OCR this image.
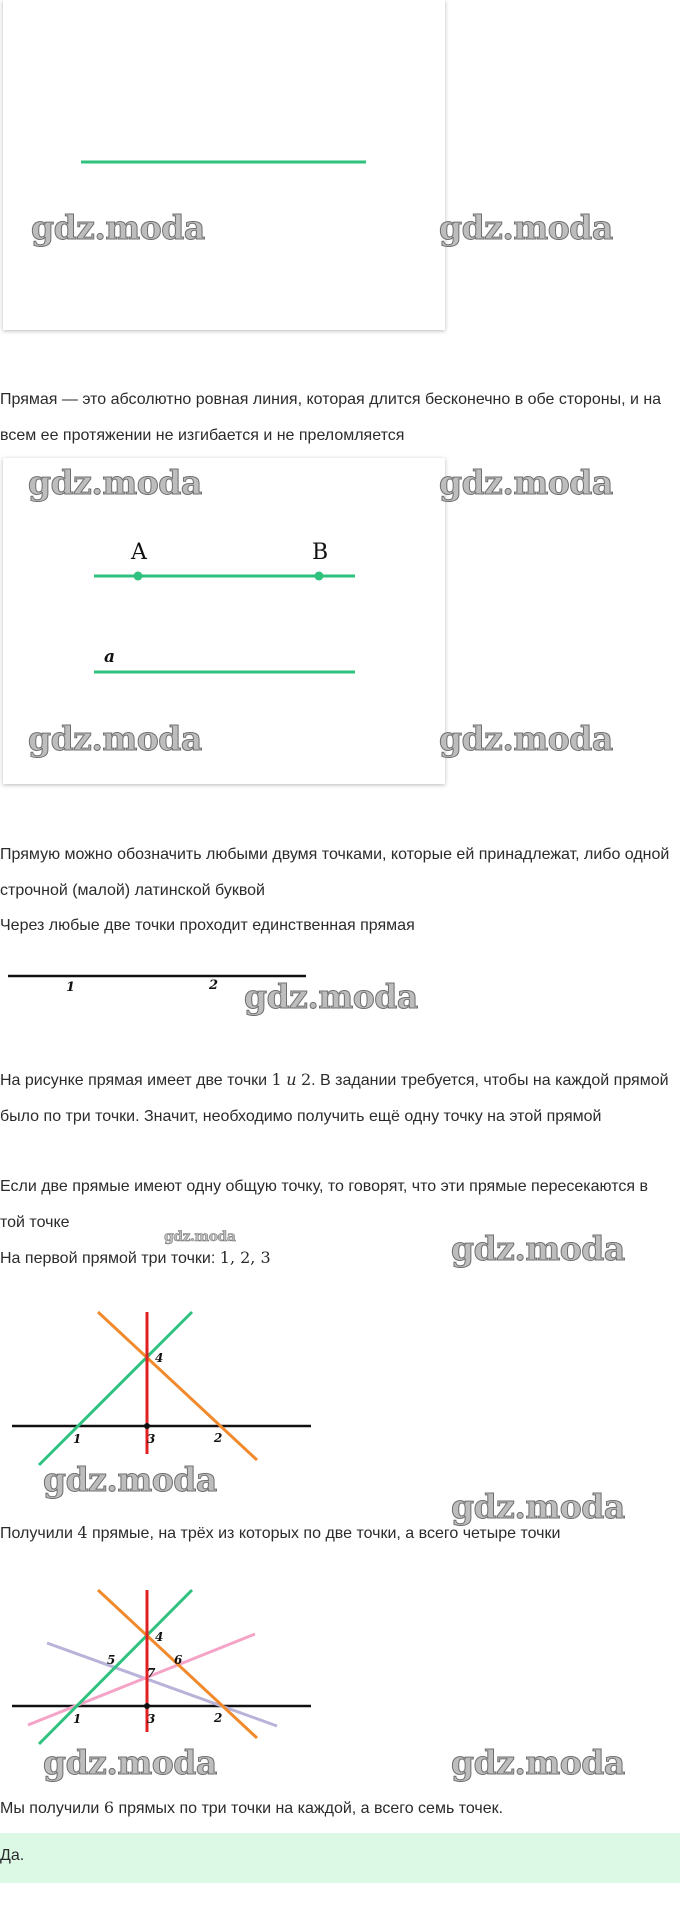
gdz.moda	gdz.moda

Прямая — это абсолютно ровная линия, которая длится бесконечно в обе стороны, и на всем ее протяжении не изгибается и не преломляется

A	B
a
gdz.moda
gdz.moda
gdz.moda
gdz.moda

Прямую можно обозначить любыми двумя точками, которые ей принадлежат, либо одной строчной (малой) латинской буквой

Через любые две точки проходит единственная прямая

1	2 gdz.moda

На рисунке прямая имеет две точки 1 и 2. В задании требуется, чтобы на каждой прямой было по три точки. Значит, необходимо получить ещё одну точку на этой прямой

Если две прямые имеют одну общую точку, то говорят, что эти прямые пересекаются в той точке

На первой прямой три точки: 1, 2, 3

gdz.moda	gdz.moda
1	3	2
4
gdz.moda
gdz.moda

Получили 4 прямые, на трёх из которых по две точки, а всего четыре точки

1	3	2
4
5	6
7
gdz.moda	gdz.moda

Мы получили 6 прямых по три точки на каждой, а всего семь точек.

Да.
